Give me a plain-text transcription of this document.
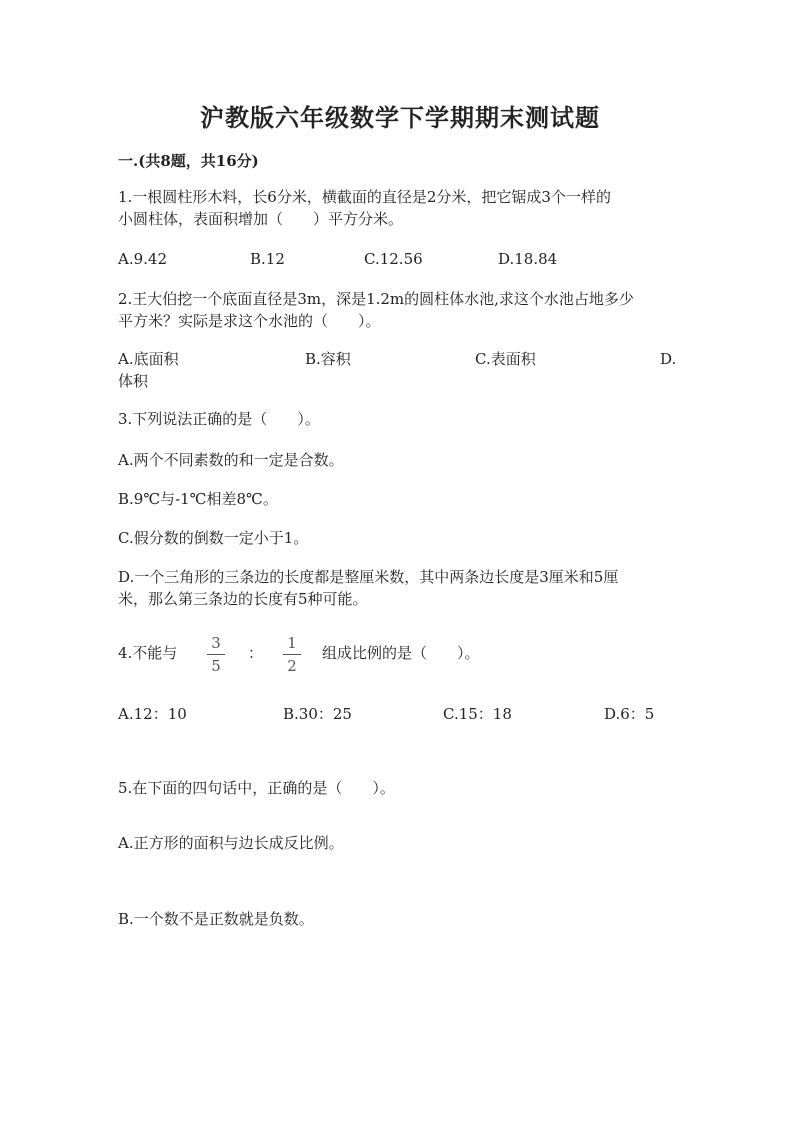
沪教版六年级数学下学期期末测试题
一.(共8题，共16分)
1.一根圆柱形木料，长6分米，横截面的直径是2分米，把它锯成3个一样的
小圆柱体，表面积增加（　　）平方分米。
A.9.42	B.12	C.12.56	D.18.84
2.王大伯挖一个底面直径是3m，深是1.2m的圆柱体水池,求这个水池占地多少
平方米？实际是求这个水池的（　　）。
A.底面积	B.容积	C.表面积	D.
体积
3.下列说法正确的是（　　）。
A.两个不同素数的和一定是合数。
B.9℃与-1℃相差8℃。
C.假分数的倒数一定小于1。
D.一个三角形的三条边的长度都是整厘米数，其中两条边长度是3厘米和5厘
米，那么第三条边的长度有5种可能。
4.不能与
3
5
：
1
2
组成比例的是（　　）。
A.12：10	B.30：25	C.15：18	D.6：5
5.在下面的四句话中，正确的是（　　）。
A.正方形的面积与边长成反比例。
B.一个数不是正数就是负数。
